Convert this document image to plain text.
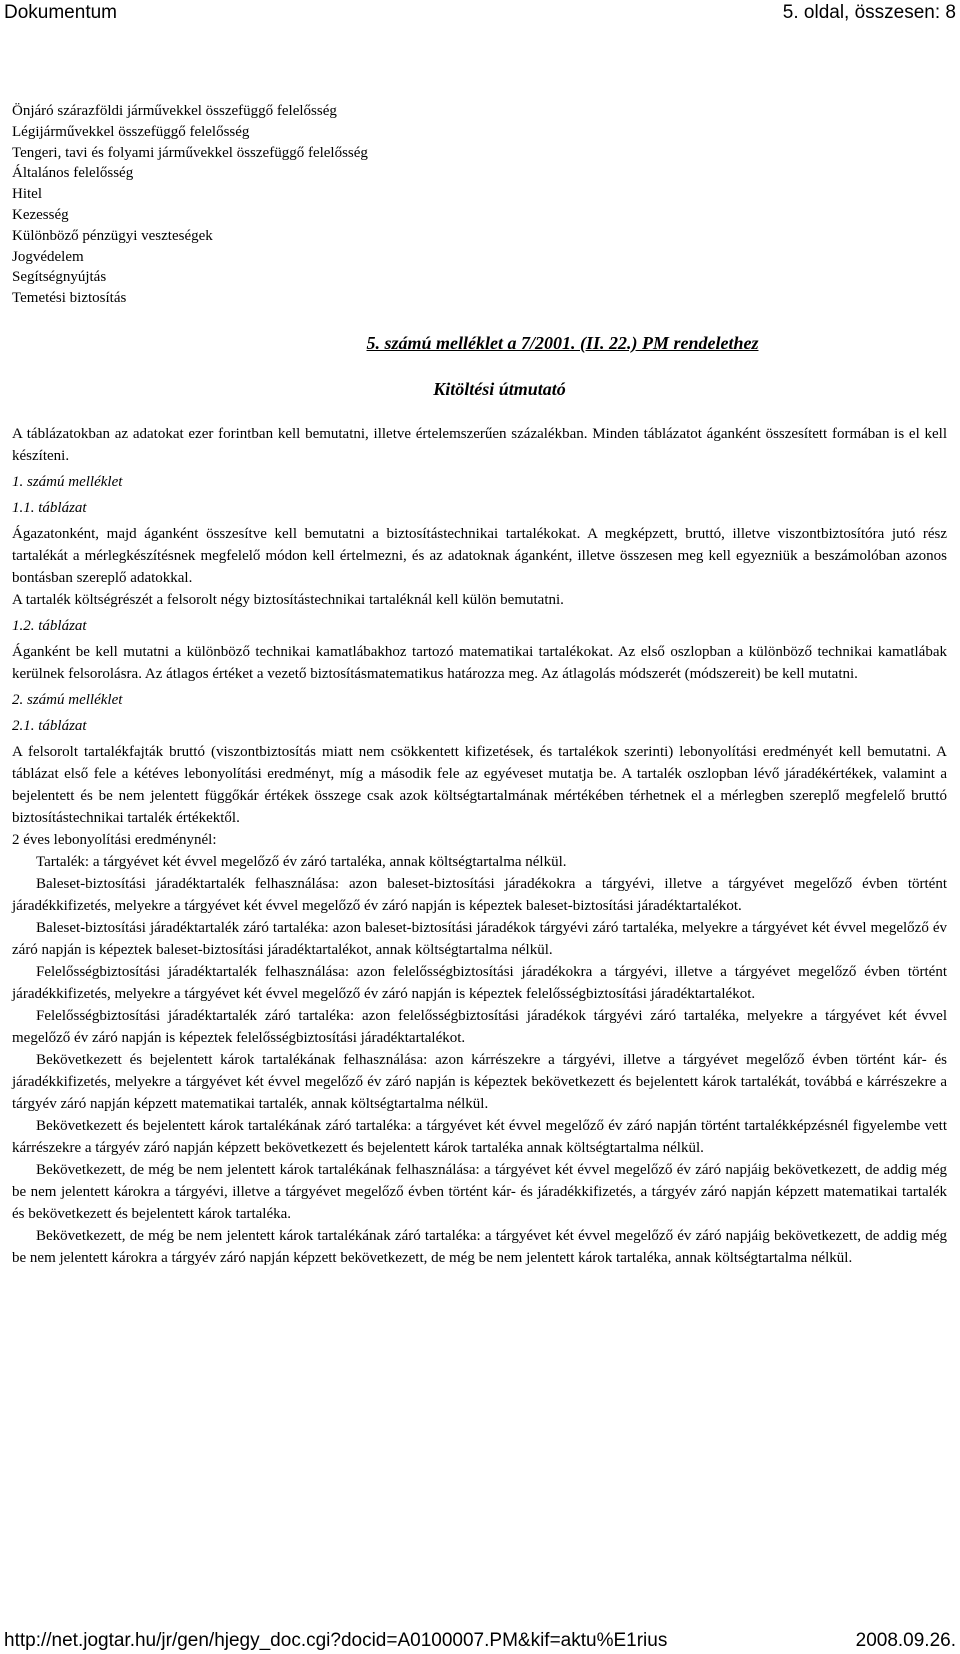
Dokumentum	5. oldal, összesen: 8
Önjáró szárazföldi járművekkel összefüggő felelősség
Légijárművekkel összefüggő felelősség
Tengeri, tavi és folyami járművekkel összefüggő felelősség
Általános felelősség
Hitel
Kezesség
Különböző pénzügyi veszteségek
Jogvédelem
Segítségnyújtás
Temetési biztosítás
5. számú melléklet a 7/2001. (II. 22.) PM rendelethez
Kitöltési útmutató
A táblázatokban az adatokat ezer forintban kell bemutatni, illetve értelemszerűen százalékban. Minden táblázatot áganként összesített formában is el kell készíteni.
1. számú melléklet
1.1. táblázat
Ágazatonként, majd áganként összesítve kell bemutatni a biztosítástechnikai tartalékokat. A megképzett, bruttó, illetve viszontbiztosítóra jutó rész tartalékát a mérlegkészítésnek megfelelő módon kell értelmezni, és az adatoknak áganként, illetve összesen meg kell egyezniük a beszámolóban azonos bontásban szereplő adatokkal.
A tartalék költségrészét a felsorolt négy biztosítástechnikai tartaléknál kell külön bemutatni.
1.2. táblázat
Áganként be kell mutatni a különböző technikai kamatlábakhoz tartozó matematikai tartalékokat. Az első oszlopban a különböző technikai kamatlábak kerülnek felsorolásra. Az átlagos értéket a vezető biztosításmatematikus határozza meg. Az átlagolás módszerét (módszereit) be kell mutatni.
2. számú melléklet
2.1. táblázat
A felsorolt tartalékfajták bruttó (viszontbiztosítás miatt nem csökkentett kifizetések, és tartalékok szerinti) lebonyolítási eredményét kell bemutatni. A táblázat első fele a kétéves lebonyolítási eredményt, míg a második fele az egyéveset mutatja be. A tartalék oszlopban lévő járadékértékek, valamint a bejelentett és be nem jelentett függőkár értékek összege csak azok költségtartalmának mértékében térhetnek el a mérlegben szereplő megfelelő bruttó biztosítástechnikai tartalék értékektől.
2 éves lebonyolítási eredménynél:
Tartalék: a tárgyévet két évvel megelőző év záró tartaléka, annak költségtartalma nélkül.
Baleset-biztosítási járadéktartalék felhasználása: azon baleset-biztosítási járadékokra a tárgyévi, illetve a tárgyévet megelőző évben történt járadékkifizetés, melyekre a tárgyévet két évvel megelőző év záró napján is képeztek baleset-biztosítási járadéktartalékot.
Baleset-biztosítási járadéktartalék záró tartaléka: azon baleset-biztosítási járadékok tárgyévi záró tartaléka, melyekre a tárgyévet két évvel megelőző év záró napján is képeztek baleset-biztosítási járadéktartalékot, annak költségtartalma nélkül.
Felelősségbiztosítási járadéktartalék felhasználása: azon felelősségbiztosítási járadékokra a tárgyévi, illetve a tárgyévet megelőző évben történt járadékkifizetés, melyekre a tárgyévet két évvel megelőző év záró napján is képeztek felelősségbiztosítási járadéktartalékot.
Felelősségbiztosítási járadéktartalék záró tartaléka: azon felelősségbiztosítási járadékok tárgyévi záró tartaléka, melyekre a tárgyévet két évvel megelőző év záró napján is képeztek felelősségbiztosítási járadéktartalékot.
Bekövetkezett és bejelentett károk tartalékának felhasználása: azon kárrészekre a tárgyévi, illetve a tárgyévet megelőző évben történt kár- és járadékkifizetés, melyekre a tárgyévet két évvel megelőző év záró napján is képeztek bekövetkezett és bejelentett károk tartalékát, továbbá e kárrészekre a tárgyév záró napján képzett matematikai tartalék, annak költségtartalma nélkül.
Bekövetkezett és bejelentett károk tartalékának záró tartaléka: a tárgyévet két évvel megelőző év záró napján történt tartalékképzésnél figyelembe vett kárrészekre a tárgyév záró napján képzett bekövetkezett és bejelentett károk tartaléka annak költségtartalma nélkül.
Bekövetkezett, de még be nem jelentett károk tartalékának felhasználása: a tárgyévet két évvel megelőző év záró napjáig bekövetkezett, de addig még be nem jelentett károkra a tárgyévi, illetve a tárgyévet megelőző évben történt kár- és járadékkifizetés, a tárgyév záró napján képzett matematikai tartalék és bekövetkezett és bejelentett károk tartaléka.
Bekövetkezett, de még be nem jelentett károk tartalékának záró tartaléka: a tárgyévet két évvel megelőző év záró napjáig bekövetkezett, de addig még be nem jelentett károkra a tárgyév záró napján képzett bekövetkezett, de még be nem jelentett károk tartaléka, annak költségtartalma nélkül.
http://net.jogtar.hu/jr/gen/hjegy_doc.cgi?docid=A0100007.PM&kif=aktu%E1rius	2008.09.26.
